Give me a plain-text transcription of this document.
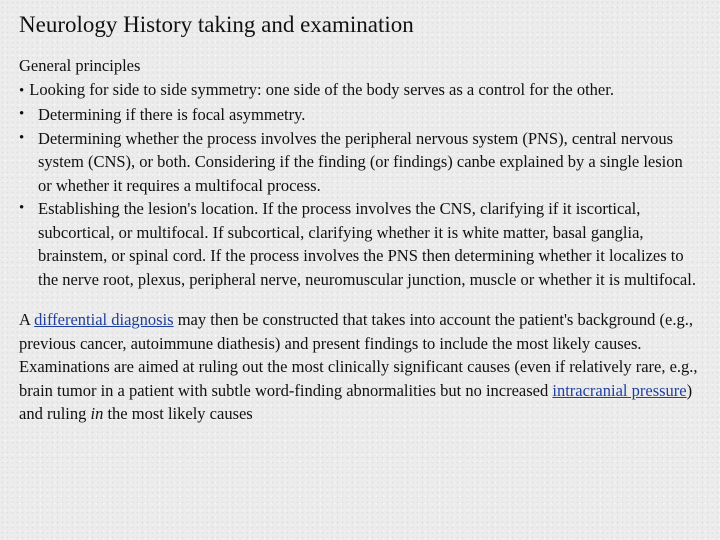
Neurology History taking and examination

General principles

• Looking for side to side symmetry: one side of the body serves as a control for the other.
• Determining if there is focal asymmetry.
• Determining whether the process involves the peripheral nervous system (PNS), central nervous system (CNS), or both. Considering if the finding (or findings) canbe explained by a single lesion or whether it requires a multifocal process.
• Establishing the lesion's location. If the process involves the CNS, clarifying if it iscortical, subcortical, or multifocal. If subcortical, clarifying whether it is white matter, basal ganglia, brainstem, or spinal cord. If the process involves the PNS then determining whether it localizes to the nerve root, plexus, peripheral nerve, neuromuscular junction, muscle or whether it is multifocal.

A differential diagnosis may then be constructed that takes into account the patient's background (e.g., previous cancer, autoimmune diathesis) and present findings to include the most likely causes. Examinations are aimed at ruling out the most clinically significant causes (even if relatively rare, e.g., brain tumor in a patient with subtle word-finding abnormalities but no increased intracranial pressure) and ruling in the most likely causes
